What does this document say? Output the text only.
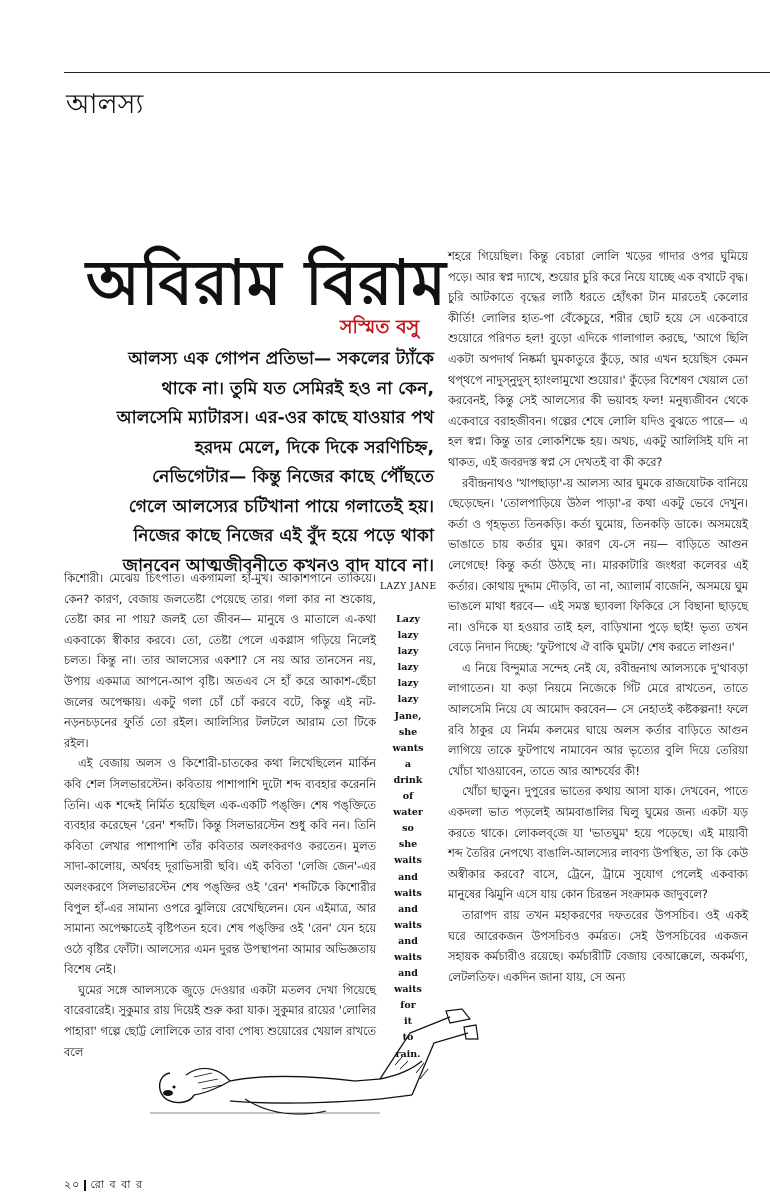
আলস্য
অবিরাম বিরাম
সস্মিত বসু
আলস্য এক গোপন প্রতিভা— সকলের ট্যাঁকে
থাকে না। তুমি যত সেমিরই হও না কেন,
আলসেমি ম্যাটারস। এর-ওর কাছে যাওয়ার পথ
হরদম মেলে, দিকে দিকে সরণিচিহ্ন,
নেভিগেটার— কিন্তু নিজের কাছে পৌঁছতে
গেলে আলস্যের চটিখানা পায়ে গলাতেই হয়।
নিজের কাছে নিজের এই বুঁদ হয়ে পড়ে থাকা
জানবেন আত্মজীবনীতে কখনও বাদ যাবে না।

কিশোরী। মেঝেয় চিৎপাত। একগামলা হাঁ-মুখ। আকাশপানে তাকিয়ে। কেন? কারণ, বেজায় জলতেষ্টা পেয়েছে তার। গলা কার না শুকোয়, তেষ্টা কার না পায়? জলই তো জীবন— মানুষে ও মাতালে এ-কথা একবাক্যে স্বীকার করবে। তো, তেষ্টা পেলে একগ্লাস গড়িয়ে নিলেই চলত। কিন্তু না। তার আলস্যের একশা? সে নয় আর তানসেন নয়, উপায় একমাত্র আপনে-আপ বৃষ্টি। অতএব সে হাঁ করে আকাশ-ছেঁচা জলের অপেক্ষায়। একটু গলা চোঁ চোঁ করবে বটে, কিন্তু এই নট-নড়নচড়নের ফুর্তি তো রইল। আলিস্যির টলটলে আরাম তো টিকে রইল।

এই বেজায় অলস ও কিশোরী-চাতকের কথা লিখেছিলেন মার্কিন কবি শেল সিলভারস্টেন। কবিতায় পাশাপাশি দুটো শব্দ ব্যবহার করেননি তিনি। এক শব্দেই নির্মিত হয়েছিল এক-একটি পঙ্‌ক্তি। শেষ পঙ্‌ক্তিতে ব্যবহার করেছেন 'রেন' শব্দটি। কিন্তু সিলভারস্টেন শুধু কবি নন। তিনি কবিতা লেখার পাশাপাশি তাঁর কবিতার অলংকরণও করতেন। মুলত সাদা-কালোয়, অর্থবহ দূরাভিসারী ছবি। এই কবিতা 'লেজি জেন'-এর অলংকরণে সিলভারস্টেন শেষ পঙ্‌ক্তির ওই 'রেন' শব্দটিকে কিশোরীর বিপুল হাঁ-এর সামান্য ওপরে ঝুলিয়ে রেখেছিলেন। যেন এইমাত্র, আর সামান্য অপেক্ষাতেই বৃষ্টিপতন হবে। শেষ পঙ্‌ক্তির ওই 'রেন' যেন হয়ে ওঠে বৃষ্টির ফোঁটা। আলস্যের এমন দুরন্ত উপস্থাপনা আমার অভিজ্ঞতায় বিশেষ নেই।

ঘুমের সঙ্গে আলস্যকে জুড়ে দেওয়ার একটা মতলব দেখা গিয়েছে বারেবারেই। সুকুমার রায় দিয়েই শুরু করা যাক। সুকুমার রায়ের 'লোলির পাহারা' গল্পে ছোট্ট লোলিকে তার বাবা পোষ্য শুয়োরের খেয়াল রাখতে বলে

LAZY JANE
Lazy
lazy
lazy
lazy
lazy
lazy
Jane,
she
wants
a
drink
of
water
so
she
waits
and
waits
and
waits
and
waits
and
waits
for
it
to
rain.

শহরে গিয়েছিল। কিন্তু বেচারা লোলি খড়ের গাদার ওপর ঘুমিয়ে পড়ে। আর স্বপ্ন দ্যাখে, শুয়োর চুরি করে নিয়ে যাচ্ছে এক বখাটে বৃদ্ধ। চুরি আটকাতে বৃদ্ধের লাঠি ধরতে হোঁৎকা টান মারতেই কেলোর কীর্তি! লোলির হাত-পা বেঁকেচুরে, শরীর ছোট হয়ে সে একেবারে শুয়োরে পরিণত হল! বুড়ো এদিকে গালাগাল করছে, 'আগে ছিলি একটা অপদার্থ নিষ্কর্মা ঘুমকাতুরে কুঁড়ে, আর এখন হয়েছিস কেমন থপ্‌থপে নাদুস্‌নুদুস্‌ হ্যাংলামুখো শুয়োর।' কুঁড়ের বিশেষণ খেয়াল তো করবেনই, কিন্তু সেই আলস্যের কী ভয়াবহ ফল! মনুষ্যজীবন থেকে একেবারে বরাহজীবন। গল্পের শেষে লোলি যদিও বুঝতে পারে— এ হল স্বপ্ন। কিন্তু তার লোকশিক্ষে হয়। অথচ, একটু আলিসিই যদি না থাকত, এই জবরদস্ত স্বপ্ন সে দেখতই বা কী করে?

রবীন্দ্রনাথও 'খাপছাড়া'-য় আলস্য আর ঘুমকে রাজযোটক বানিয়ে ছেড়েছেন। 'তোলপাড়িয়ে উঠল পাড়া'-র কথা একটু ভেবে দেখুন। কর্তা ও গৃহভৃত্য তিনকড়ি। কর্তা ঘুমোয়, তিনকড়ি ডাকে। অসময়েই ভাঙাতে চায় কর্তার ঘুম। কারণ যে-সে নয়— বাড়িতে আগুন লেগেছে! কিন্তু কর্তা উঠছে না। মারকাটারি জংধরা কলেবর এই কর্তার। কোথায় দুদ্দাম দৌড়বি, তা না, অ্যালার্ম বাজেনি, অসময়ে ঘুম ভাঙলে মাথা ধরবে— এই সমস্ত ছ্যাবলা ফিকিরে সে বিছানা ছাড়ছে না। ওদিকে যা হওয়ার তাই হল, বাড়িখানা পুড়ে ছাই! ভৃত্য তখন বেড়ে নিদান দিচ্ছে: 'ফুটপাথে ঐ বাকি ঘুমটা/ শেষ করতে লাগুন।'

এ নিয়ে বিন্দুমাত্র সন্দেহ নেই যে, রবীন্দ্রনাথ আলস্যকে দু'থাবড়া লাগাতেন। যা কড়া নিয়মে নিজেকে গিঁট মেরে রাখতেন, তাতে আলসেমি নিয়ে যে আমোদ করবেন— সে নেহাতই কষ্টকল্পনা! ফলে রবি ঠাকুর যে নির্মম কলমের ঘায়ে অলস কর্তার বাড়িতে আগুন লাগিয়ে তাকে ফুটপাথে নামাবেন আর ভৃত্যের বুলি দিয়ে তেরিয়া খোঁচা খাওয়াবেন, তাতে আর আশ্চর্যের কী!

খোঁচা ছাড়ুন। দুপুরের ভাতের কথায় আসা যাক। দেখবেন, পাতে একদলা ভাত পড়লেই আমবাঙালির ঘিলু ঘুমের জন্য একটা যড় করতে থাকে। লোকলব্‌জে যা 'ভাতঘুম' হয়ে পড়েছে। এই মায়াবী শব্দ তৈরির নেপথ্যে বাঙালি-আলস্যের লাবণ্য উপস্থিত, তা কি কেউ অস্বীকার করবে? বাসে, ট্রেনে, ট্রামে সুযোগ পেলেই একবাক্য মানুষের ঝিমুনি এসে যায় কোন চিরন্তন সংক্রামক জাদুবলে?

তারাপদ রায় তখন মহাকরণের দফতরের উপসচিব। ওই একই ঘরে আরেকজন উপসচিবও কর্মরত। সেই উপসচিবের একজন সহায়ক কর্মচারীও রয়েছে। কর্মচারীটি বেজায় বেআক্কেলে, অকর্মণ্য, লেটলতিফ। একদিন জানা যায়, সে অন্য

২০ রো ব বা র
